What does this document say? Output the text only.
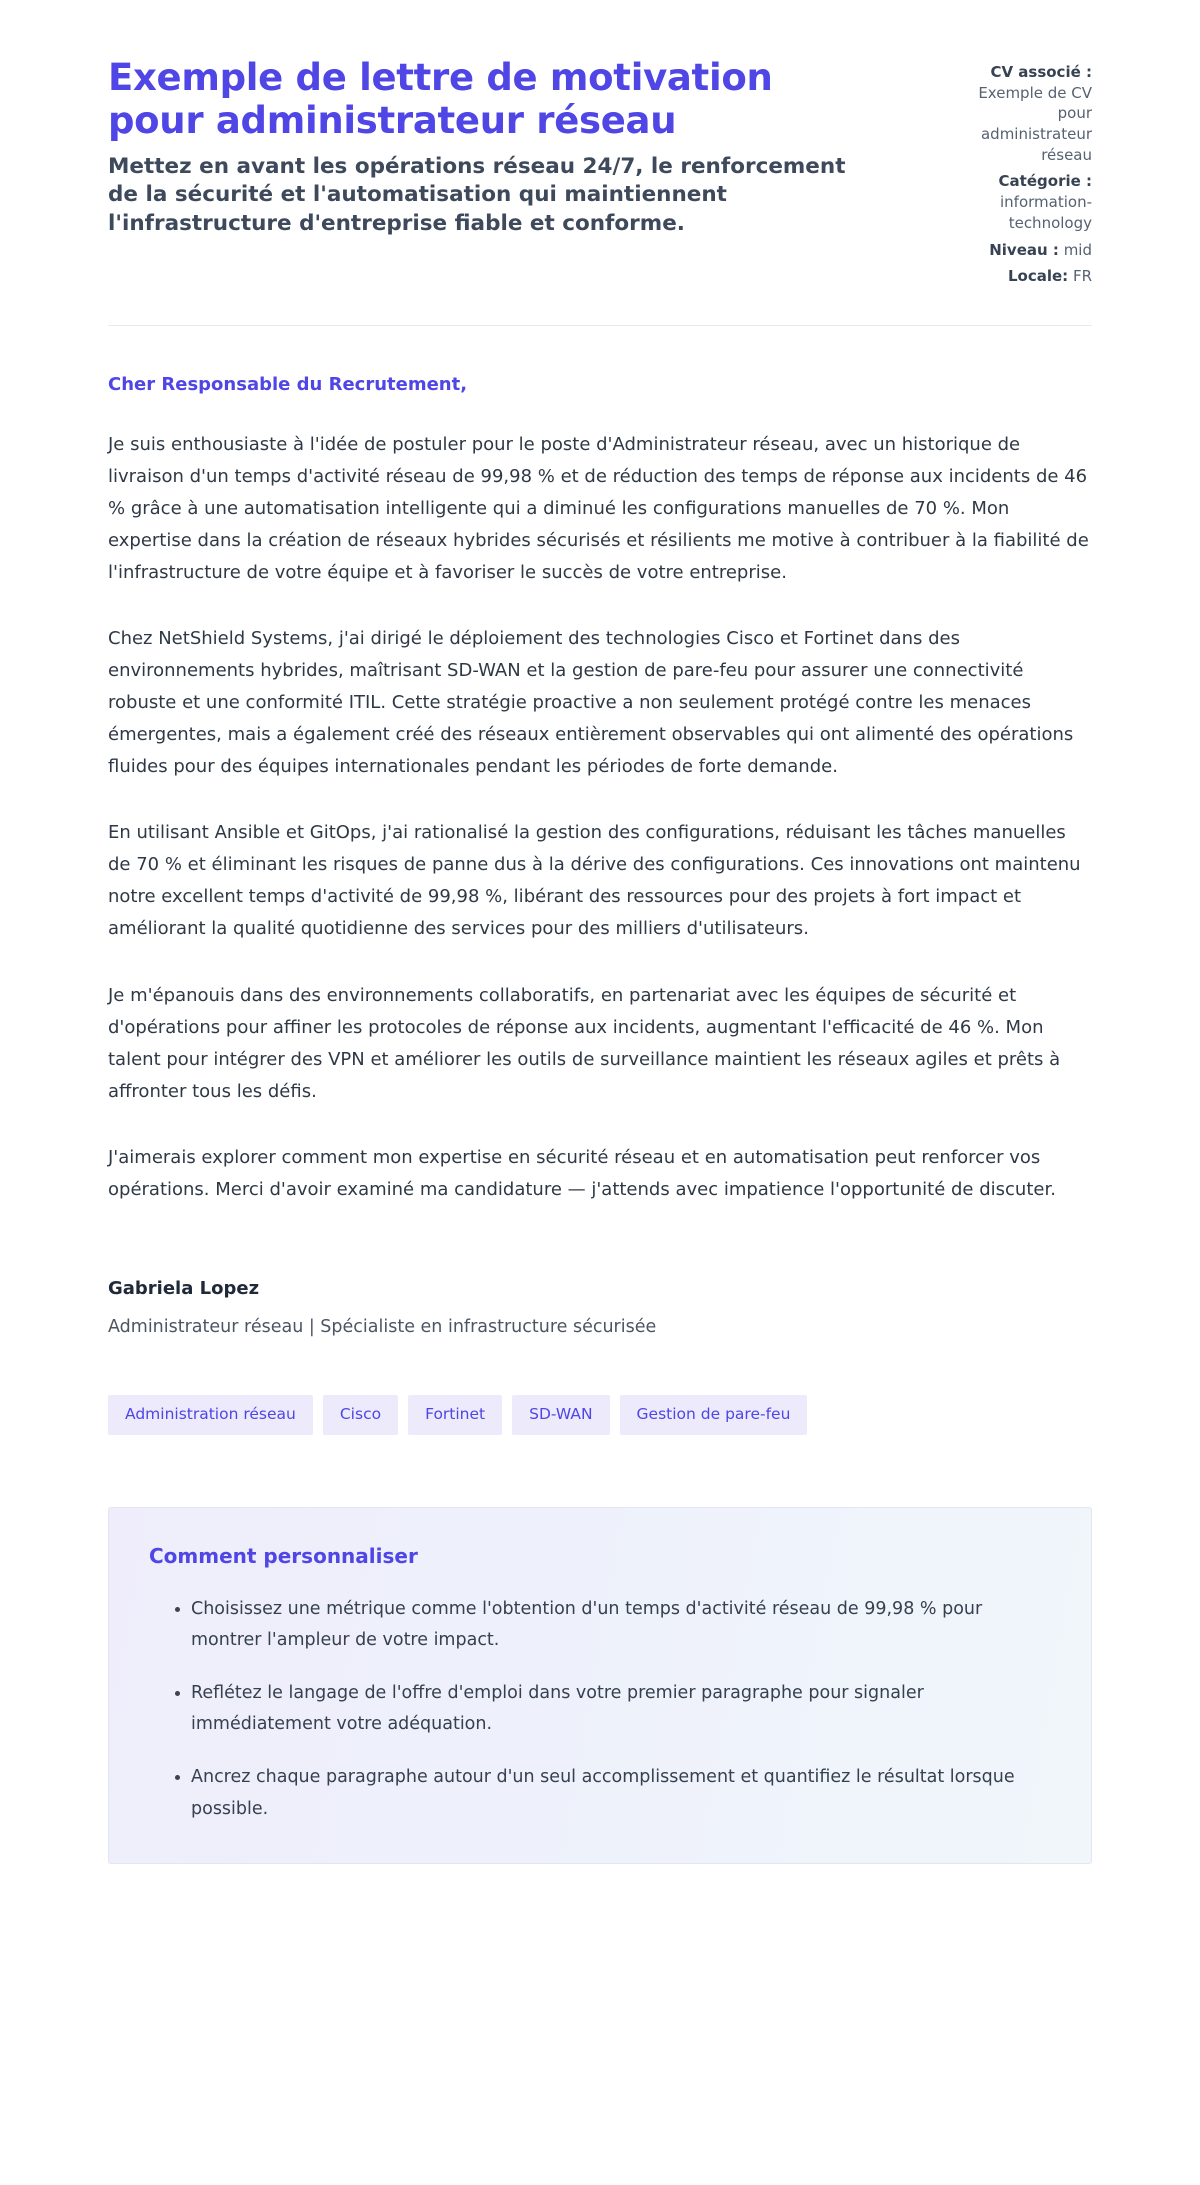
Exemple de lettre de motivation pour administrateur réseau

Mettez en avant les opérations réseau 24/7, le renforcement de la sécurité et l'automatisation qui maintiennent l'infrastructure d'entreprise fiable et conforme.

CV associé : Exemple de CV pour administrateur réseau
Catégorie : information-technology
Niveau : mid
Locale: FR

Cher Responsable du Recrutement,

Je suis enthousiaste à l'idée de postuler pour le poste d'Administrateur réseau, avec un historique de livraison d'un temps d'activité réseau de 99,98 % et de réduction des temps de réponse aux incidents de 46 % grâce à une automatisation intelligente qui a diminué les configurations manuelles de 70 %. Mon expertise dans la création de réseaux hybrides sécurisés et résilients me motive à contribuer à la fiabilité de l'infrastructure de votre équipe et à favoriser le succès de votre entreprise.

Chez NetShield Systems, j'ai dirigé le déploiement des technologies Cisco et Fortinet dans des environnements hybrides, maîtrisant SD-WAN et la gestion de pare-feu pour assurer une connectivité robuste et une conformité ITIL. Cette stratégie proactive a non seulement protégé contre les menaces émergentes, mais a également créé des réseaux entièrement observables qui ont alimenté des opérations fluides pour des équipes internationales pendant les périodes de forte demande.

En utilisant Ansible et GitOps, j'ai rationalisé la gestion des configurations, réduisant les tâches manuelles de 70 % et éliminant les risques de panne dus à la dérive des configurations. Ces innovations ont maintenu notre excellent temps d'activité de 99,98 %, libérant des ressources pour des projets à fort impact et améliorant la qualité quotidienne des services pour des milliers d'utilisateurs.

Je m'épanouis dans des environnements collaboratifs, en partenariat avec les équipes de sécurité et d'opérations pour affiner les protocoles de réponse aux incidents, augmentant l'efficacité de 46 %. Mon talent pour intégrer des VPN et améliorer les outils de surveillance maintient les réseaux agiles et prêts à affronter tous les défis.

J'aimerais explorer comment mon expertise en sécurité réseau et en automatisation peut renforcer vos opérations. Merci d'avoir examiné ma candidature — j'attends avec impatience l'opportunité de discuter.

Gabriela Lopez

Administrateur réseau | Spécialiste en infrastructure sécurisée

Administration réseau	Cisco	Fortinet	SD-WAN	Gestion de pare-feu
Comment personnaliser
Choisissez une métrique comme l'obtention d'un temps d'activité réseau de 99,98 % pour montrer l'ampleur de votre impact.
Reflétez le langage de l'offre d'emploi dans votre premier paragraphe pour signaler immédiatement votre adéquation.
Ancrez chaque paragraphe autour d'un seul accomplissement et quantifiez le résultat lorsque possible.
